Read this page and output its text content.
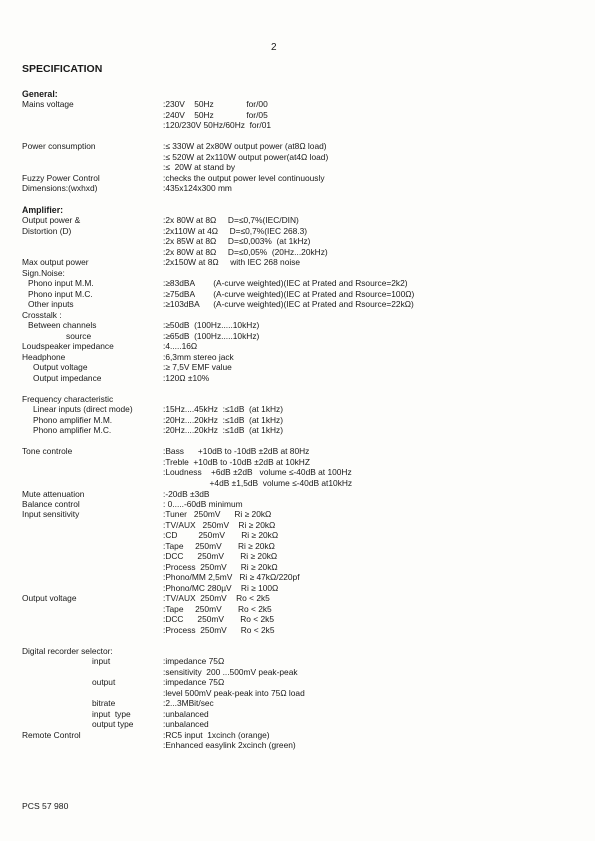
2
SPECIFICATION
General:
Mains voltage	:230V    50Hz              for/00
:240V    50Hz              for/05
:120/230V 50Hz/60Hz  for/01
Power consumption	:≤ 330W at 2x80W output power (at8Ω load)
:≤ 520W at 2x110W output power(at4Ω load)
:≤  20W at stand by
Fuzzy Power Control	:checks the output power level continuously
Dimensions:(wxhxd)	:435x124x300 mm
Amplifier:
Output power &	:2x 80W at 8Ω     D=≤0,7%(IEC/DIN)
Distortion (D)	:2x110W at 4Ω     D=≤0,7%(IEC 268.3)
:2x 85W at 8Ω     D=≤0,003%  (at 1kHz)
:2x 80W at 8Ω     D=≤0,05%  (20Hz...20kHz)
Max output power	:2x150W at 8Ω     with IEC 268 noise
Sign.Noise:
Phono input M.M.	:≥83dBA        (A-curve weighted)(IEC at Prated and Rsource=2k2)
Phono input M.C.	:≥75dBA        (A-curve weighted)(IEC at Prated and Rsource=100Ω)
Other inputs	:≥103dBA      (A-curve weighted)(IEC at Prated and Rsource=22kΩ)
Crosstalk :
Between channels	:≥50dB  (100Hz.....10kHz)
source	:≥65dB  (100Hz.....10kHz)
Loudspeaker impedance	:4.....16Ω
Headphone	:6,3mm stereo jack
Output voltage	:≥ 7,5V EMF value
Output impedance	:120Ω ±10%
Frequency characteristic
Linear inputs (direct mode)	:15Hz....45kHz  :≤1dB  (at 1kHz)
Phono amplifier M.M.	:20Hz....20kHz  :≤1dB  (at 1kHz)
Phono amplifier M.C.	:20Hz....20kHz  :≤1dB  (at 1kHz)
Tone controle	:Bass      +10dB to -10dB ±2dB at 80Hz
:Treble  +10dB to -10dB ±2dB at 10kHZ
:Loudness    +6dB ±2dB   volume ≤-40dB at 100Hz
+4dB ±1,5dB  volume ≤-40dB at10kHz
Mute attenuation	:-20dB ±3dB
Balance control	: 0.....-60dB minimum
Input sensitivity	:Tuner   250mV      Ri ≥ 20kΩ
:TV/AUX   250mV    Ri ≥ 20kΩ
:CD         250mV       Ri ≥ 20kΩ
:Tape     250mV       Ri ≥ 20kΩ
:DCC      250mV       Ri ≥ 20kΩ
:Process  250mV      Ri ≥ 20kΩ
:Phono/MM 2,5mV   Ri ≥ 47kΩ/220pf
:Phono/MC 280µV    Ri ≥ 100Ω
Output voltage	:TV/AUX  250mV    Ro < 2k5
:Tape     250mV       Ro < 2k5
:DCC      250mV       Ro < 2k5
:Process  250mV      Ro < 2k5
Digital recorder selector:
input	:impedance 75Ω
:sensitivity  200 ...500mV peak-peak
output	:impedance 75Ω
:level 500mV peak-peak into 75Ω load
bitrate	:2...3MBit/sec
input  type	:unbalanced
output type	:unbalanced
Remote Control	:RC5 input  1xcinch (orange)
:Enhanced easylink 2xcinch (green)
PCS 57 980
